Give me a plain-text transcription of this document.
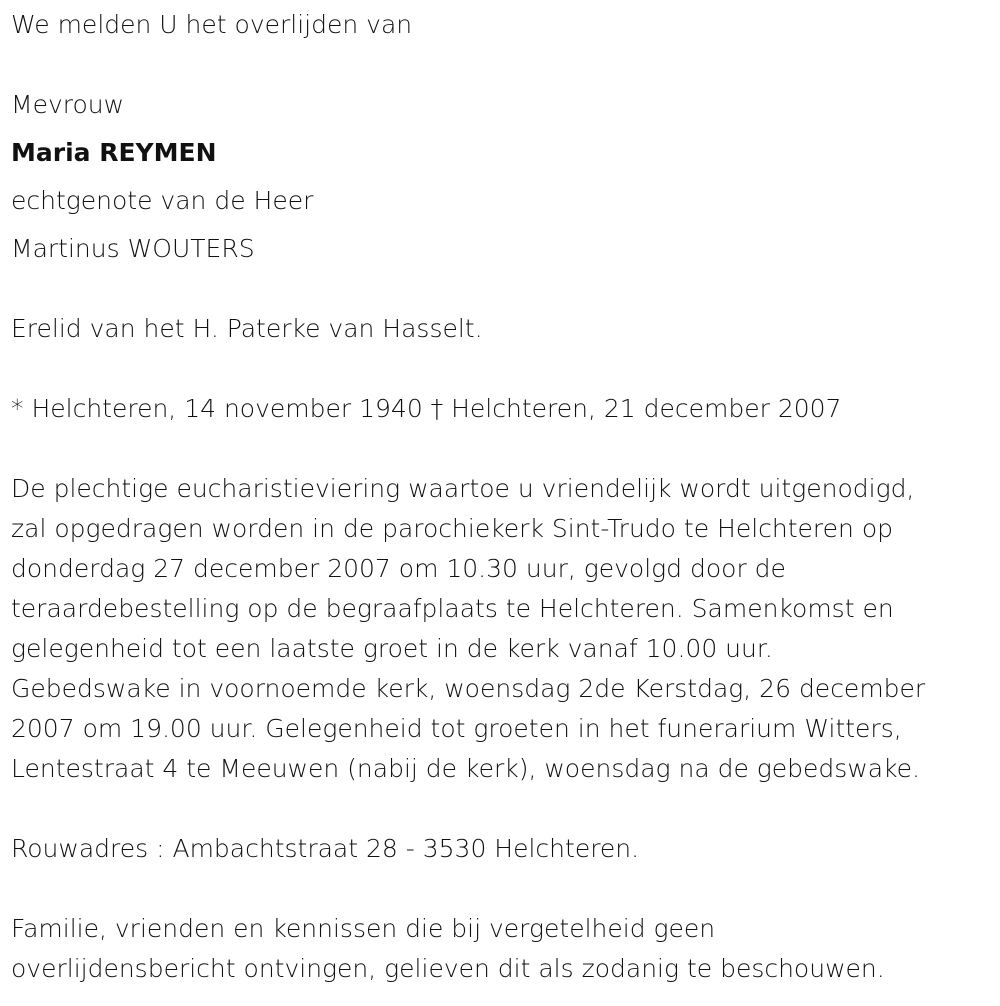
We melden U het overlijden van
Mevrouw
Maria REYMEN
echtgenote van de Heer
Martinus WOUTERS
Erelid van het H. Paterke van Hasselt.
* Helchteren, 14 november 1940 † Helchteren, 21 december 2007
De plechtige eucharistieviering waartoe u vriendelijk wordt uitgenodigd,
zal opgedragen worden in de parochiekerk Sint-Trudo te Helchteren op
donderdag 27 december 2007 om 10.30 uur, gevolgd door de
teraardebestelling op de begraafplaats te Helchteren. Samenkomst en
gelegenheid tot een laatste groet in de kerk vanaf 10.00 uur.
Gebedswake in voornoemde kerk, woensdag 2de Kerstdag, 26 december
2007 om 19.00 uur. Gelegenheid tot groeten in het funerarium Witters,
Lentestraat 4 te Meeuwen (nabij de kerk), woensdag na de gebedswake.
Rouwadres : Ambachtstraat 28 - 3530 Helchteren.
Familie, vrienden en kennissen die bij vergetelheid geen
overlijdensbericht ontvingen, gelieven dit als zodanig te beschouwen.
